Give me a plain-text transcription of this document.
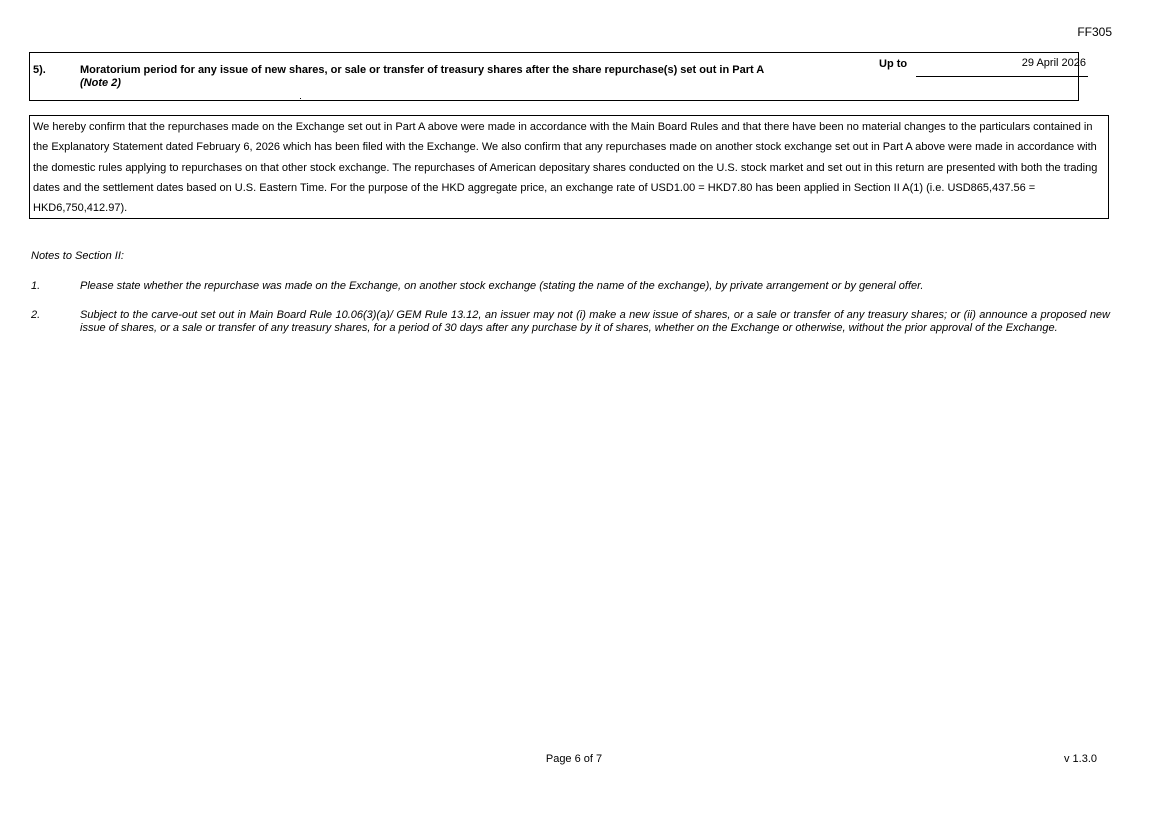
FF305
5).	Moratorium period for any issue of new shares, or sale or transfer of treasury shares after the share repurchase(s) set out in Part A
(Note 2)
Up to	29 April 2026
We hereby confirm that the repurchases made on the Exchange set out in Part A above were made in accordance with the Main Board Rules and that there have been no material changes to the particulars contained in the Explanatory Statement dated February 6, 2026 which has been filed with the Exchange. We also confirm that any repurchases made on another stock exchange set out in Part A above were made in accordance with the domestic rules applying to repurchases on that other stock exchange. The repurchases of American depositary shares conducted on the U.S. stock market and set out in this return are presented with both the trading dates and the settlement dates based on U.S. Eastern Time. For the purpose of the HKD aggregate price, an exchange rate of USD1.00 = HKD7.80 has been applied in Section II A(1) (i.e. USD865,437.56 = HKD6,750,412.97).
Notes to Section II:
1.	Please state whether the repurchase was made on the Exchange, on another stock exchange (stating the name of the exchange), by private arrangement or by general offer.
2.	Subject to the carve-out set out in Main Board Rule 10.06(3)(a)/ GEM Rule 13.12, an issuer may not (i) make a new issue of shares, or a sale or transfer of any treasury shares; or (ii) announce a proposed new issue of shares, or a sale or transfer of any treasury shares, for a period of 30 days after any purchase by it of shares, whether on the Exchange or otherwise, without the prior approval of the Exchange.
Page 6 of 7	v 1.3.0
